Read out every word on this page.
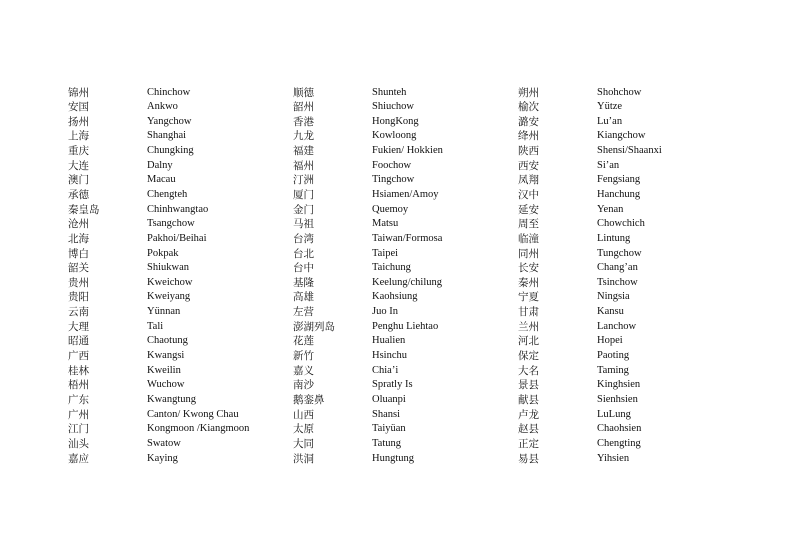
锦州	Chinchow
安国	Ankwo
扬州	Yangchow
上海	Shanghai
重庆	Chungking
大连	Dalny
澳门	Macau
承德	Chengteh
秦皇岛	Chinhwangtao
沧州	Tsangchow
北海	Pakhoi/Beihai
博白	Pokpak
韶关	Shiukwan
贵州	Kweichow
贵阳	Kweiyang
云南	Yünnan
大理	Tali
昭通	Chaotung
广西	Kwangsi
桂林	Kweilin
梧州	Wuchow
广东	Kwangtung
广州	Canton/ Kwong Chau
江门	Kongmoon /Kiangmoon
汕头	Swatow
嘉应	Kaying
顺德	Shunteh
韶州	Shiuchow
香港	HongKong
九龙	Kowloong
福建	Fukien/ Hokkien
福州	Foochow
汀洲	Tingchow
厦门	Hsiamen/Amoy
金门	Quemoy
马祖	Matsu
台湾	Taiwan/Formosa
台北	Taipei
台中	Taichung
基隆	Keelung/chilung
高雄	Kaohsiung
左营	Juo In
澎湖列岛	Penghu Liehtao
花莲	Hualien
新竹	Hsinchu
嘉义	Chia’i
南沙	Spratly Is
鹅銮鼻	Oluanpi
山西	Shansi
太原	Taiyüan
大同	Tatung
洪洞	Hungtung
朔州	Shohchow
榆次	Yütze
潞安	Lu’an
绛州	Kiangchow
陕西	Shensi/Shaanxi
西安	Si’an
凤翔	Fengsiang
汉中	Hanchung
延安	Yenan
周至	Chowchich
临潼	Lintung
同州	Tungchow
长安	Chang’an
秦州	Tsinchow
宁夏	Ningsia
甘肃	Kansu
兰州	Lanchow
河北	Hopei
保定	Paoting
大名	Taming
景县	Kinghsien
献县	Sienhsien
卢龙	LuLung
赵县	Chaohsien
正定	Chengting
易县	Yihsien
